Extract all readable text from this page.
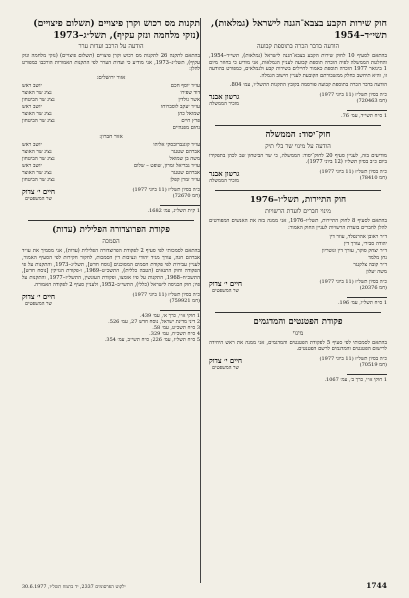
חוק שירות הקבע בצבא־הגנה לישראל (גמלאות), תשי״ד–1954
הודעה בדבר הכרה בתוספת קבועה
בהתאם לסעיף 10 לחוק שירות הקבע בצבא־הגנה לישראל (גמלאות), תשי״ד–1954, והחלטת הממשלה לפיה הוכרה תוספת קבועה לעניין הגמלאות, אני מודיע כי בחוזר מיום 1 בינואר 1977 הוכרה תוספת כאמור לחיילים בשירות קבע ולגמלאים, כמפורט בהודעה זו, והיא תיחשב כחלק ממשכורתם הקובעת לעניין חישוב הגמלה.
הודעה בדבר הכרה בתוספת קבועה פורסמה בקובץ התקנות התשל״ו, עמ׳ 804.
כ״ה בסיון תשל״ז (11 ביוני 1977)
(חמ 720463)
גרשון אבנר
מזכיר הממשלה
1 ס״ח תשי״ד, עמ׳ 76.
חוק־יסוד: הממשלה
הודעה על מינוי שר בלי תיק
מודיעים בזה, לעניין סעיף 20 לחוק־יסוד: הממשלה, כי שר הביטחון שב לכהן בתפקידו ביום כ״ב בסיון תשל״ז (12 ביוני 1977).
כ״ה בסיון תשל״ז (11 ביוני 1977)
(חמ 78410)
גרשון אבנר
מזכיר הממשלה
חוק התיירות, תשל״ו–1976
מינוי חברים לועדת הרשויות
בהתאם לסעיף 8 לחוק התיירות, תשל״ו–1976, אני ממנה בזה את האנשים המפורטים להלן לחברים בועדת הרשויות לעניין החוק האמור:
ד״ר ראובן אהרנפלד, עוזר דין
יהודה סבירי, עורך דין
ד״ר יצחק סוקר, עורך דין ונוטריון
נחן מלמד
ד״ר קובה צלקנגר
משה יעלון
כ״ה בסיון תשל״ז (11 ביוני 1977)
(חמ 20376)
חיים י׳ צדוק
שר המשפטים
1 ס״ח תשל״ו, עמ׳ 196.
פקודת הפטנטים והמדגמים
מינוי
בהתאם לסמכותי לפי סעיף 5 לפקודת הפטנטים והמדגמים, אני ממנה את ראש היחידה לרישום הפטנטים והמדגמים לרשם הפטנטים.
כ״ה בסיון תשל״ז (11 ביוני 1977)
(חמ 70519)
חיים י׳ צדוק
שר המשפטים
1 חוקי א״י, כרך ב׳, עמ׳ 1067.
תקנות מס רכוש וקרן פיצויים (תשלום פיצויים) (נזקי מלחמה ונזק עקיף), תשל״ג–1973
הודעה על הרכב ועדות ערר
בהתאם לתקנה 26 לתקנות מס רכוש וקרן פיצויים (תשלום פיצויים) (נזקי מלחמה ונזק עקיף), תשל״ג–1973, אני מודיע כי ועדות הערר לפי התקנות האמורות הורכבו כמפורט להלן:
אזור ירושלים:
עו״ד יוסף חכם
יושב ראש
דוד שפירו
נציג שר האוצר
אשר גולדין
נציג שר הביטחון
עו״ד יעקב לוסברוחו
יושב ראש
שמואל כהן
נציג שר האוצר
פרץ חיים
נציג שר הביטחון
נחום מפנהיים
אזור חברון:
עו״ד קוגנברובסקי אליהו
יושב ראש
אברהם שטנגר
נציג שר האוצר
משה בן שמואל
נציג שר הביטחון
עו״ד גבריאל זמרון, שופט – שלום
יושב ראש
אברהם שטנגר
נציג שר האוצר
עו״ד זמרן קפלן
נציג שר הביטחון
כ״ה בסיון תשל״ז (11 ביוני 1977)
(חמ 72670)
חיים י׳ צדוק
שר המשפטים
1 ק״ת תשל״ג, עמ׳ 1682.
פקודת הפרוצדורה הפלילית (עדות)
הסמכה
בהתאם לסמכותי לפי סעיף 2 לפקודת הפרוצדורה הפלילית (עדות), אני מסמיך את עו״ד אברהם חנה, עורך מגיד יהודי ונציבות דין הסמכות, לחקור חקירות לפי הסעיף האמור, לעניין עבירות לפי פקודת הסמים המסוכנים [נוסח חדש], תשל״ג–1973, והתקנות על פי הפקודה וחוק התנאים (הטבה כללית), התשכ״ט–1969, ו-פקודת הנזיקין [נוסח חדש], התשכ״ח–1968, התקנות על פיו אומצו, ופקודת העונשין, התשל״ז–1977, והתקנות על פיו; חוק הכניסה לישראל (כללי), התשי״ב–1952, ולעניין סעיף 2 לפקודה האמורה.
כ״ה בסיון תשל״ז (11 ביוני 1977)
(חמ 759921)
חיים י׳ צדוק
שר המשפטים
1 חוקי א״י, כרך א׳, עמ׳ 439.
2 דיני מדינת ישראל, נוסח חדש 27, עמ׳ 526.
3 ס״ח תשכ״ט, עמ׳ 58.
4 ס״ח תשכ״ח, עמ׳ 329.
5 ס״ח תשל״ז, עמ׳ 226; ס״ח תשי״ב, עמ׳ 354.
ילקוט הפרסומים 2337, יד בתמוז תשל״ז, 30.6.1977	1744
